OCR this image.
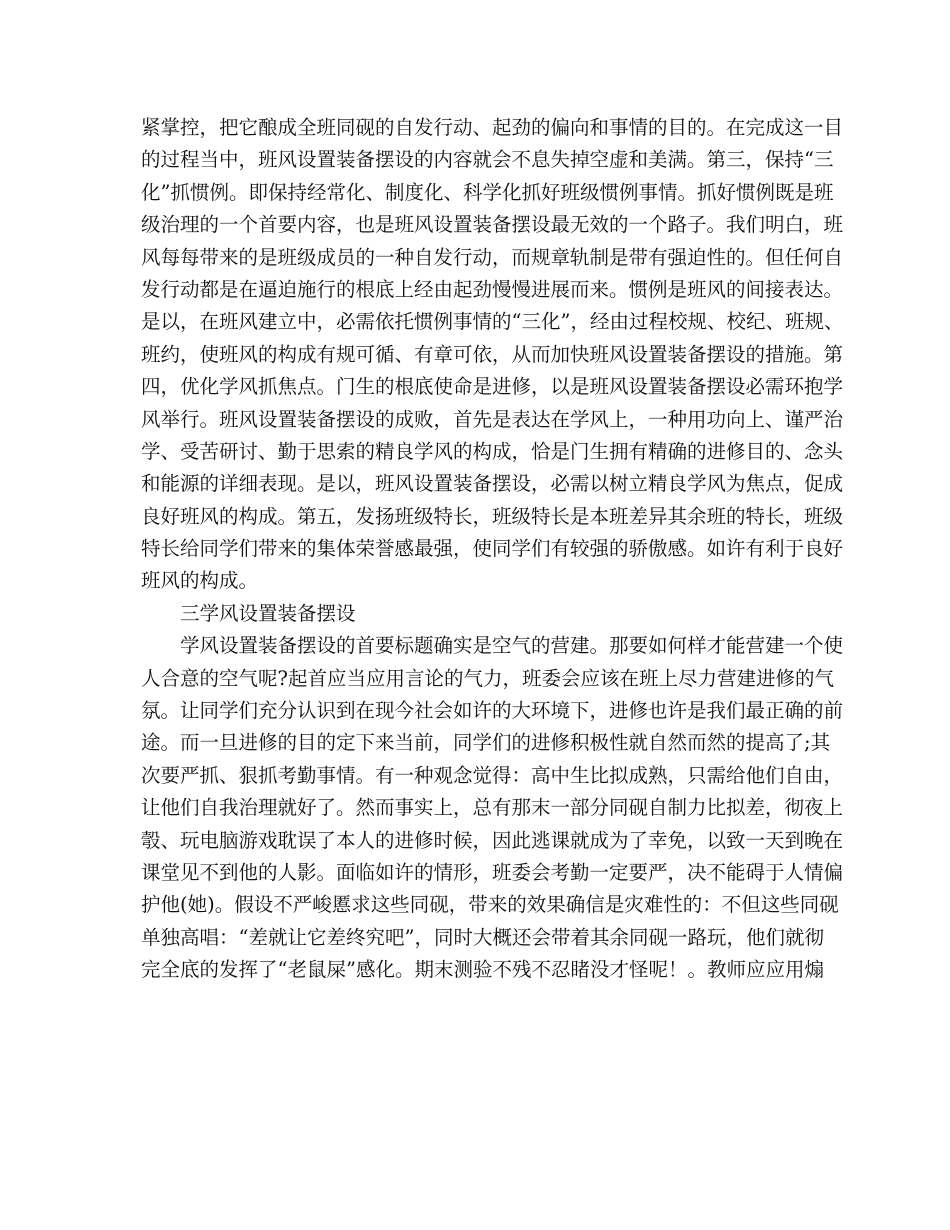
紧掌控，把它酿成全班同砚的自发行动、起劲的偏向和事情的目的。在完成这一目
的过程当中，班风设置装备摆设的内容就会不息失掉空虚和美满。第三，保持“三
化”抓惯例。即保持经常化、制度化、科学化抓好班级惯例事情。抓好惯例既是班
级治理的一个首要内容，也是班风设置装备摆设最无效的一个路子。我们明白，班
风每每带来的是班级成员的一种自发行动，而规章轨制是带有强迫性的。但任何自
发行动都是在逼迫施行的根底上经由起劲慢慢进展而来。惯例是班风的间接表达。
是以，在班风建立中，必需依托惯例事情的“三化”，经由过程校规、校纪、班规、
班约，使班风的构成有规可循、有章可依，从而加快班风设置装备摆设的措施。第
四，优化学风抓焦点。门生的根底使命是进修，以是班风设置装备摆设必需环抱学
风举行。班风设置装备摆设的成败，首先是表达在学风上，一种用功向上、谨严治
学、受苦研讨、勤于思索的精良学风的构成，恰是门生拥有精确的进修目的、念头
和能源的详细表现。是以，班风设置装备摆设，必需以树立精良学风为焦点，促成
良好班风的构成。第五，发扬班级特长，班级特长是本班差异其余班的特长，班级
特长给同学们带来的集体荣誉感最强，使同学们有较强的骄傲感。如许有利于良好
班风的构成。
三学风设置装备摆设
学风设置装备摆设的首要标题确实是空气的营建。那要如何样才能营建一个使
人合意的空气呢?起首应当应用言论的气力，班委会应该在班上尽力营建进修的气
氛。让同学们充分认识到在现今社会如许的大环境下，进修也许是我们最正确的前
途。而一旦进修的目的定下来当前，同学们的进修积极性就自然而然的提高了;其
次要严抓、狠抓考勤事情。有一种观念觉得：高中生比拟成熟，只需给他们自由，
让他们自我治理就好了。然而事实上，总有那末一部分同砚自制力比拟差，彻夜上
彀、玩电脑游戏耽误了本人的进修时候，因此逃课就成为了幸免，以致一天到晚在
课堂见不到他的人影。面临如许的情形，班委会考勤一定要严，决不能碍于人情偏
护他(她)。假设不严峻慝求这些同砚，带来的效果确信是灾难性的：不但这些同砚
单独高唱：“差就让它差终究吧”，同时大概还会带着其余同砚一路玩，他们就彻
完全底的发挥了“老鼠屎”感化。期末测验不残不忍睹没才怪呢！。教师应应用煽
